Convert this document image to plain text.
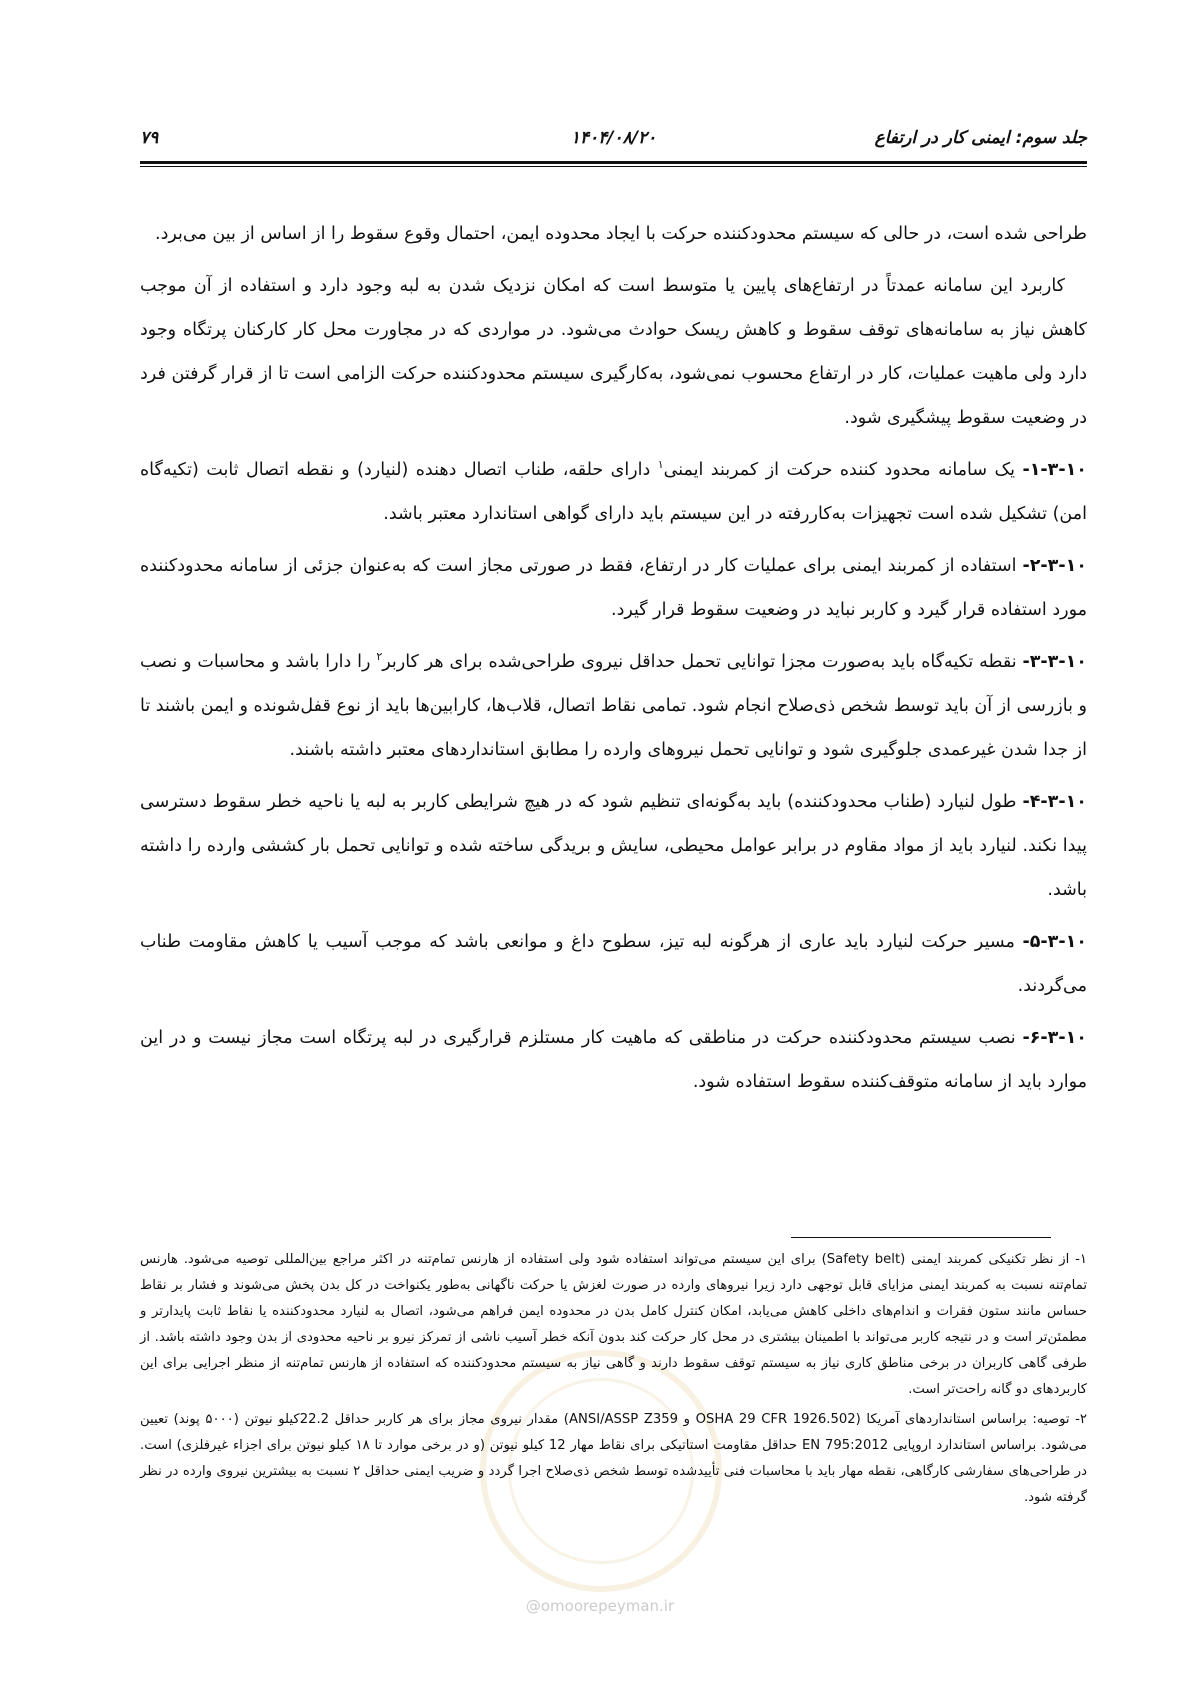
جلد سوم: ایمنی کار در ارتفاع
۱۴۰۴/۰۸/۲۰
۷۹

طراحی شده است، در حالی که سیستم محدودکننده حرکت با ایجاد محدوده ایمن، احتمال وقوع سقوط را از اساس از بین می‌برد.

کاربرد این سامانه عمدتاً در ارتفاع‌های پایین یا متوسط است که امکان نزدیک شدن به لبه وجود دارد و استفاده از آن موجب کاهش نیاز به سامانه‌های توقف سقوط و کاهش ریسک حوادث می‌شود. در مواردی که در مجاورت محل کار کارکنان پرتگاه وجود دارد ولی ماهیت عملیات، کار در ارتفاع محسوب نمی‌شود، به‌کارگیری سیستم محدودکننده حرکت الزامی است تا از قرار گرفتن فرد در وضعیت سقوط پیشگیری شود.

۱-۳-۱۰- یک سامانه محدود کننده حرکت از کمربند ایمنی$^۱$ دارای حلقه، طناب اتصال دهنده (لنیارد) و نقطه اتصال ثابت (تکیه‌گاه امن) تشکیل شده است تجهیزات به‌کاررفته در این سیستم باید دارای گواهی استاندارد معتبر باشد.

۲-۳-۱۰- استفاده از کمربند ایمنی برای عملیات کار در ارتفاع، فقط در صورتی مجاز است که به‌عنوان جزئی از سامانه محدودکننده مورد استفاده قرار گیرد و کاربر نباید در وضعیت سقوط قرار گیرد.

۳-۳-۱۰- نقطه تکیه‌گاه باید به‌صورت مجزا توانایی تحمل حداقل نیروی طراحی‌شده برای هر کاربر$^۲$ را دارا باشد و محاسبات و نصب و بازرسی از آن باید توسط شخص ذی‌صلاح انجام شود. تمامی نقاط اتصال، قلاب‌ها، کارابین‌ها باید از نوع قفل‌شونده و ایمن باشند تا از جدا شدن غیرعمدی جلوگیری شود و توانایی تحمل نیروهای وارده را مطابق استانداردهای معتبر داشته باشند.

۴-۳-۱۰- طول لنیارد (طناب محدودکننده) باید به‌گونه‌ای تنظیم شود که در هیچ شرایطی کاربر به لبه یا ناحیه خطر سقوط دسترسی پیدا نکند. لنیارد باید از مواد مقاوم در برابر عوامل محیطی، سایش و بریدگی ساخته شده و توانایی تحمل بار کششی وارده را داشته باشد.

۵-۳-۱۰- مسیر حرکت لنیارد باید عاری از هرگونه لبه تیز، سطوح داغ و موانعی باشد که موجب آسیب یا کاهش مقاومت طناب می‌گردند.

۶-۳-۱۰- نصب سیستم محدودکننده حرکت در مناطقی که ماهیت کار مستلزم قرارگیری در لبه پرتگاه است مجاز نیست و در این موارد باید از سامانه متوقف‌کننده سقوط استفاده شود.

@omoorepeyman.ir

۱- از نظر تکنیکی کمربند ایمنی (Safety belt) برای این سیستم می‌تواند استفاده شود ولی استفاده از هارنس تمام‌تنه در اکثر مراجع بین‌المللی توصیه می‌شود. هارنس تمام‌تنه نسبت به کمربند ایمنی مزایای قابل توجهی دارد زیرا نیروهای وارده در صورت لغزش یا حرکت ناگهانی به‌طور یکنواخت در کل بدن پخش می‌شوند و فشار بر نقاط حساس مانند ستون فقرات و اندام‌های داخلی کاهش می‌یابد، امکان کنترل کامل بدن در محدوده ایمن فراهم می‌شود، اتصال به لنیارد محدودکننده یا نقاط ثابت پایدارتر و مطمئن‌تر است و در نتیجه کاربر می‌تواند با اطمینان بیشتری در محل کار حرکت کند بدون آنکه خطر آسیب ناشی از تمرکز نیرو بر ناحیه محدودی از بدن وجود داشته باشد. از طرفی گاهی کاربران در برخی مناطق کاری نیاز به سیستم توقف سقوط دارند و گاهی نیاز به سیستم محدودکننده که استفاده از هارنس تمام‌تنه از منظر اجرایی برای این کاربردهای دو گانه راحت‌تر است.

۲- توصیه: براساس استانداردهای آمریکا (OSHA 29 CFR 1926.502 و ANSI/ASSP Z359) مقدار نیروی مجاز برای هر کاربر حداقل 22.2کیلو نیوتن (۵۰۰۰ پوند) تعیین می‌شود. براساس استاندارد اروپایی EN 795:2012 حداقل مقاومت استاتیکی برای نقاط مهار 12 کیلو نیوتن (و در برخی موارد تا ۱۸ کیلو نیوتن برای اجزاء غیرفلزی) است. در طراحی‌های سفارشی کارگاهی، نقطه مهار باید با محاسبات فنی تأییدشده توسط شخص ذی‌صلاح اجرا گردد و ضریب ایمنی حداقل ۲ نسبت به بیشترین نیروی وارده در نظر گرفته شود.
